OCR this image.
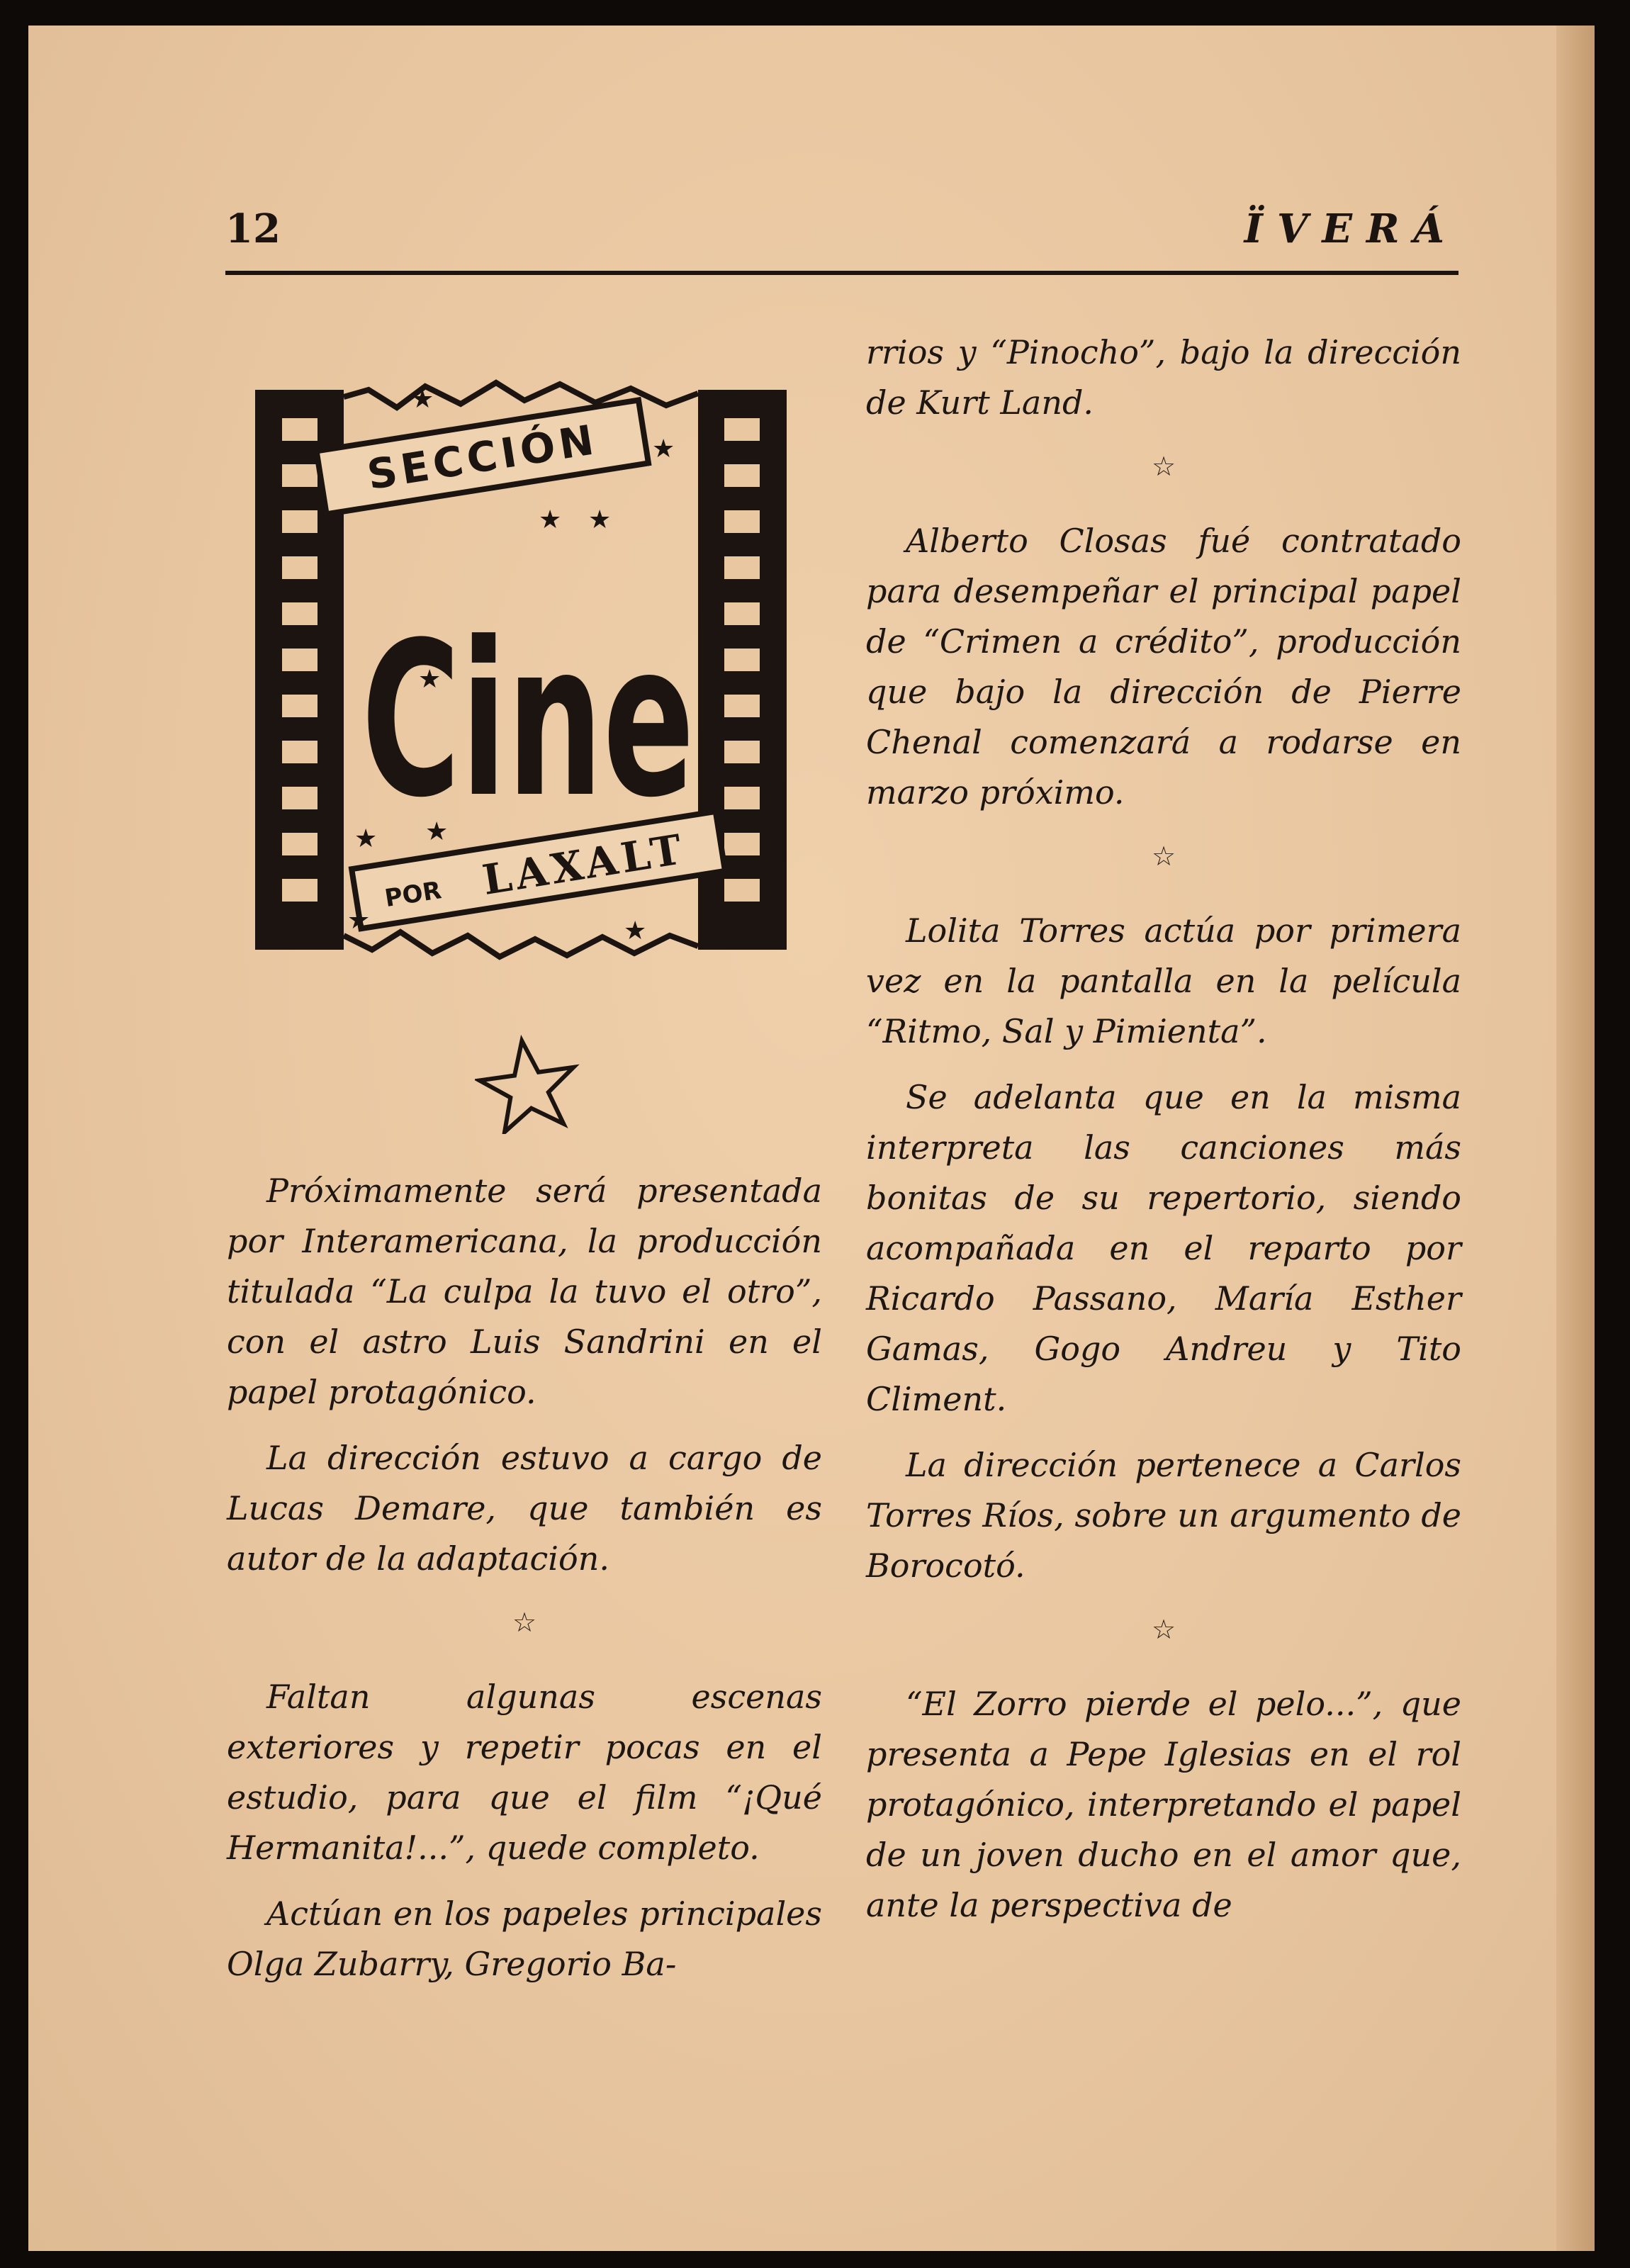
12	ÏVERÁ
SECCIÓN
Cine
POR LAXALT
★
★
★ ★
★
★ ★
★	★

Próximamente será presentada por Interamericana, la producción titulada “La culpa la tuvo el otro”, con el astro Luis Sandrini en el papel protagónico.

La dirección estuvo a cargo de Lucas Demare, que también es autor de la adaptación.

☆

Faltan algunas escenas exteriores y repetir pocas en el estudio, para que el film “¡Qué Hermanita!...”, quede completo.

Actúan en los papeles principales Olga Zubarry, Gregorio Ba-

rrios y “Pinocho”, bajo la dirección de Kurt Land.

☆

Alberto Closas fué contratado para desempeñar el principal papel de “Crimen a crédito”, producción que bajo la dirección de Pierre Chenal comenzará a rodarse en marzo próximo.

☆

Lolita Torres actúa por primera vez en la pantalla en la película “Ritmo, Sal y Pimienta”.

Se adelanta que en la misma interpreta las canciones más bonitas de su repertorio, siendo acompañada en el reparto por Ricardo Passano, María Esther Gamas, Gogo Andreu y Tito Climent.

La dirección pertenece a Carlos Torres Ríos, sobre un argumento de Borocotó.

☆

“El Zorro pierde el pelo...”, que presenta a Pepe Iglesias en el rol protagónico, interpretando el papel de un joven ducho en el amor que, ante la perspectiva de
